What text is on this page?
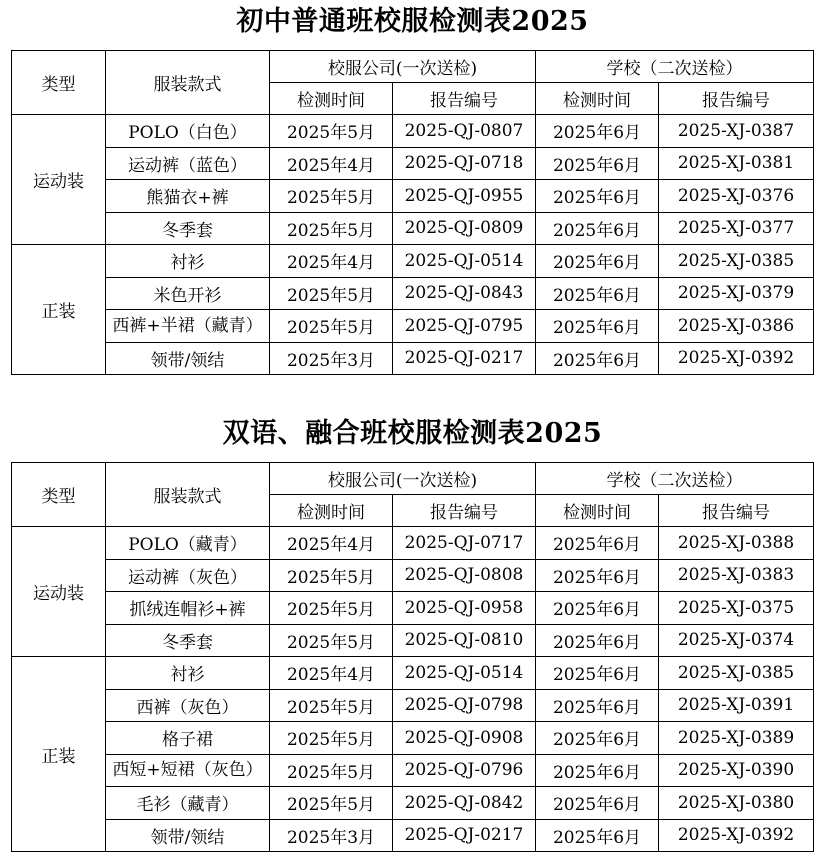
初中普通班校服检测表2025
类型	服装款式	校服公司(一次送检)		学校（二次送检）	
		检测时间	报告编号	检测时间	报告编号
运动装	POLO（白色）	2025年5月	2025-QJ-0807	2025年6月	2025-XJ-0387
	运动裤（蓝色）	2025年4月	2025-QJ-0718	2025年6月	2025-XJ-0381
	熊猫衣+裤	2025年5月	2025-QJ-0955	2025年6月	2025-XJ-0376
	冬季套	2025年5月	2025-QJ-0809	2025年6月	2025-XJ-0377
正装	衬衫	2025年4月	2025-QJ-0514	2025年6月	2025-XJ-0385
	米色开衫	2025年5月	2025-QJ-0843	2025年6月	2025-XJ-0379

	西裤+半裙（藏青）	2025年5月	2025-QJ-0795	2025年6月	2025-XJ-0386
	领带/领结	2025年3月	2025-QJ-0217	2025年6月	2025-XJ-0392
双语、融合班校服检测表2025
类型	服装款式	校服公司(一次送检)		学校（二次送检）	
		检测时间	报告编号	检测时间	报告编号
运动装	POLO（藏青）	2025年4月	2025-QJ-0717	2025年6月	2025-XJ-0388
	运动裤（灰色）	2025年5月	2025-QJ-0808	2025年6月	2025-XJ-0383
	抓绒连帽衫+裤	2025年5月	2025-QJ-0958	2025年6月	2025-XJ-0375
	冬季套	2025年5月	2025-QJ-0810	2025年6月	2025-XJ-0374
正装	衬衫	2025年4月	2025-QJ-0514	2025年6月	2025-XJ-0385
	西裤（灰色）	2025年5月	2025-QJ-0798	2025年6月	2025-XJ-0391
	格子裙	2025年5月	2025-QJ-0908	2025年6月	2025-XJ-0389

	西短+短裙（灰色）	2025年5月	2025-QJ-0796	2025年6月	2025-XJ-0390
	毛衫（藏青）	2025年5月	2025-QJ-0842	2025年6月	2025-XJ-0380
	领带/领结	2025年3月	2025-QJ-0217	2025年6月	2025-XJ-0392
